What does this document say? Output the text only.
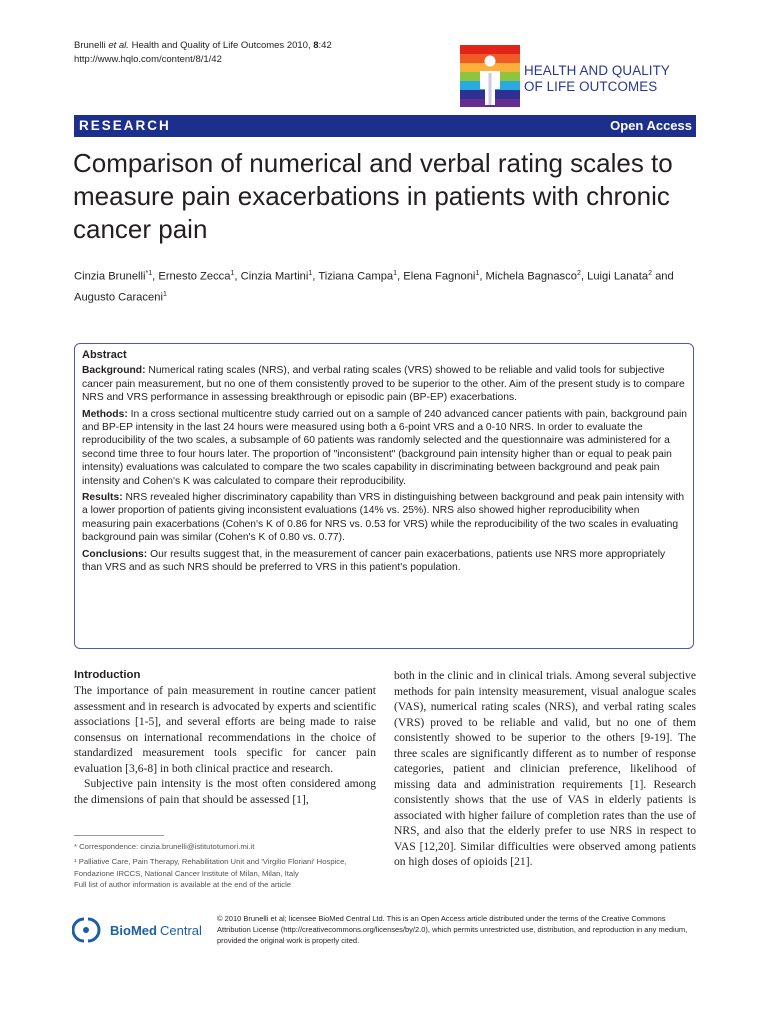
Brunelli et al. Health and Quality of Life Outcomes 2010, 8:42
http://www.hqlo.com/content/8/1/42
HEALTH AND QUALITY
OF LIFE OUTCOMES
RESEARCH	Open Access
Comparison of numerical and verbal rating scales to measure pain exacerbations in patients with chronic cancer pain
Cinzia Brunelli$^{*1}$, Ernesto Zecca$^1$, Cinzia Martini$^1$, Tiziana Campa$^1$, Elena Fagnoni$^1$, Michela Bagnasco$^2$, Luigi Lanata$^2$ and Augusto Caraceni$^1$
Abstract

Background: Numerical rating scales (NRS), and verbal rating scales (VRS) showed to be reliable and valid tools for subjective cancer pain measurement, but no one of them consistently proved to be superior to the other. Aim of the present study is to compare NRS and VRS performance in assessing breakthrough or episodic pain (BP-EP) exacerbations.

Methods: In a cross sectional multicentre study carried out on a sample of 240 advanced cancer patients with pain, background pain and BP-EP intensity in the last 24 hours were measured using both a 6-point VRS and a 0-10 NRS. In order to evaluate the reproducibility of the two scales, a subsample of 60 patients was randomly selected and the questionnaire was administered for a second time three to four hours later. The proportion of "inconsistent" (background pain intensity higher than or equal to peak pain intensity) evaluations was calculated to compare the two scales capability in discriminating between background and peak pain intensity and Cohen's K was calculated to compare their reproducibility.

Results: NRS revealed higher discriminatory capability than VRS in distinguishing between background and peak pain intensity with a lower proportion of patients giving inconsistent evaluations (14% vs. 25%). NRS also showed higher reproducibility when measuring pain exacerbations (Cohen's K of 0.86 for NRS vs. 0.53 for VRS) while the reproducibility of the two scales in evaluating background pain was similar (Cohen's K of 0.80 vs. 0.77).

Conclusions: Our results suggest that, in the measurement of cancer pain exacerbations, patients use NRS more appropriately than VRS and as such NRS should be preferred to VRS in this patient's population.

Introduction

The importance of pain measurement in routine cancer patient assessment and in research is advocated by experts and scientific associations [1-5], and several efforts are being made to raise consensus on international recommendations in the choice of standardized measurement tools specific for cancer pain evaluation [3,6-8] in both clinical practice and research.

Subjective pain intensity is the most often considered among the dimensions of pain that should be assessed [1],

both in the clinic and in clinical trials. Among several subjective methods for pain intensity measurement, visual analogue scales (VAS), numerical rating scales (NRS), and verbal rating scales (VRS) proved to be reliable and valid, but no one of them consistently showed to be superior to the others [9-19]. The three scales are significantly different as to number of response categories, patient and clinician preference, likelihood of missing data and administration requirements [1]. Research consistently shows that the use of VAS in elderly patients is associated with higher failure of completion rates than the use of NRS, and also that the elderly prefer to use NRS in respect to VAS [12,20]. Similar difficulties were observed among patients on high doses of opioids [21].

* Correspondence: cinzia.brunelli@istitutotumori.mi.it

¹ Palliative Care, Pain Therapy, Rehabilitation Unit and 'Virgilio Floriani' Hospice, Fondazione IRCCS, National Cancer Institute of Milan, Milan, Italy

Full list of author information is available at the end of the article

BioMed Central
© 2010 Brunelli et al; licensee BioMed Central Ltd. This is an Open Access article distributed under the terms of the Creative Commons Attribution License (http://creativecommons.org/licenses/by/2.0), which permits unrestricted use, distribution, and reproduction in any medium, provided the original work is properly cited.
